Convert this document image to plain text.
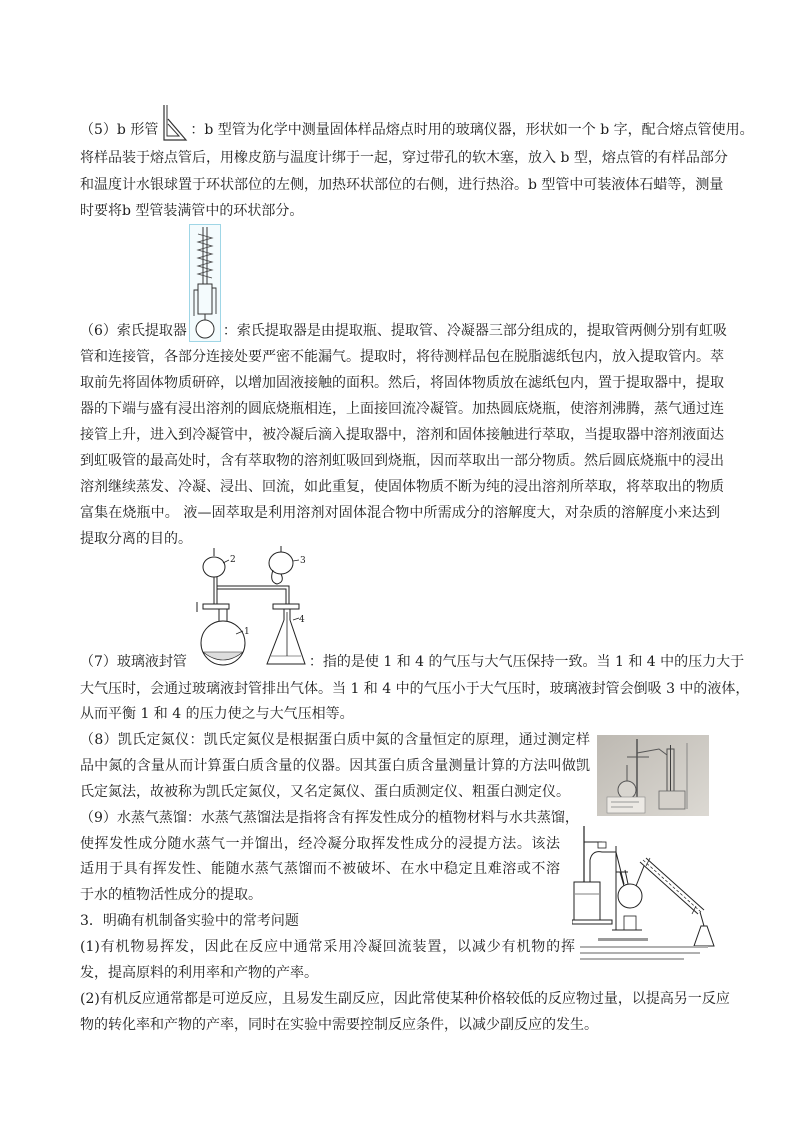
（5）b 形管 ：b 型管为化学中测量固体样品熔点时用的玻璃仪器，形状如一个 b 字，配合熔点管使用。
将样品装于熔点管后，用橡皮筋与温度计绑于一起，穿过带孔的软木塞，放入 b 型，熔点管的有样品部分
和温度计水银球置于环状部位的左侧，加热环状部位的右侧，进行热浴。b 型管中可装液体石蜡等，测量
时要将b 型管装满管中的环状部分。
（6）索氏提取器	：索氏提取器是由提取瓶、提取管、冷凝器三部分组成的，提取管两侧分别有虹吸
管和连接管，各部分连接处要严密不能漏气。提取时，将待测样品包在脱脂滤纸包内，放入提取管内。萃
取前先将固体物质研碎，以增加固液接触的面积。然后，将固体物质放在滤纸包内，置于提取器中，提取
器的下端与盛有浸出溶剂的圆底烧瓶相连，上面接回流冷凝管。加热圆底烧瓶，使溶剂沸腾，蒸气通过连
接管上升，进入到冷凝管中，被冷凝后滴入提取器中，溶剂和固体接触进行萃取，当提取器中溶剂液面达
到虹吸管的最高处时，含有萃取物的溶剂虹吸回到烧瓶，因而萃取出一部分物质。然后圆底烧瓶中的浸出
溶剂继续蒸发、冷凝、浸出、回流，如此重复，使固体物质不断为纯的浸出溶剂所萃取，将萃取出的物质
富集在烧瓶中。 液—固萃取是利用溶剂对固体混合物中所需成分的溶解度大，对杂质的溶解度小来达到
提取分离的目的。
（7）玻璃液封管
2	3
1
4
：指的是使 1 和 4 的气压与大气压保持一致。当 1 和 4 中的压力大于
大气压时，会通过玻璃液封管排出气体。当 1 和 4 中的气压小于大气压时，玻璃液封管会倒吸 3 中的液体，
从而平衡 1 和 4 的压力使之与大气压相等。
（8）凯氏定氮仪：凯氏定氮仪是根据蛋白质中氮的含量恒定的原理，通过测定样
品中氮的含量从而计算蛋白质含量的仪器。因其蛋白质含量测量计算的方法叫做凯
氏定氮法，故被称为凯氏定氮仪，又名定氮仪、蛋白质测定仪、粗蛋白测定仪。
（9）水蒸气蒸馏：水蒸气蒸馏法是指将含有挥发性成分的植物材料与水共蒸馏，
使挥发性成分随水蒸气一并馏出，经冷凝分取挥发性成分的浸提方法。该法
适用于具有挥发性、能随水蒸气蒸馏而不被破坏、在水中稳定且难溶或不溶
于水的植物活性成分的提取。
3．明确有机制备实验中的常考问题
(1)有机物易挥发，因此在反应中通常采用冷凝回流装置，以减少有机物的挥
发，提高原料的利用率和产物的产率。
(2)有机反应通常都是可逆反应，且易发生副反应，因此常使某种价格较低的反应物过量，以提高另一反应
物的转化率和产物的产率，同时在实验中需要控制反应条件，以减少副反应的发生。
